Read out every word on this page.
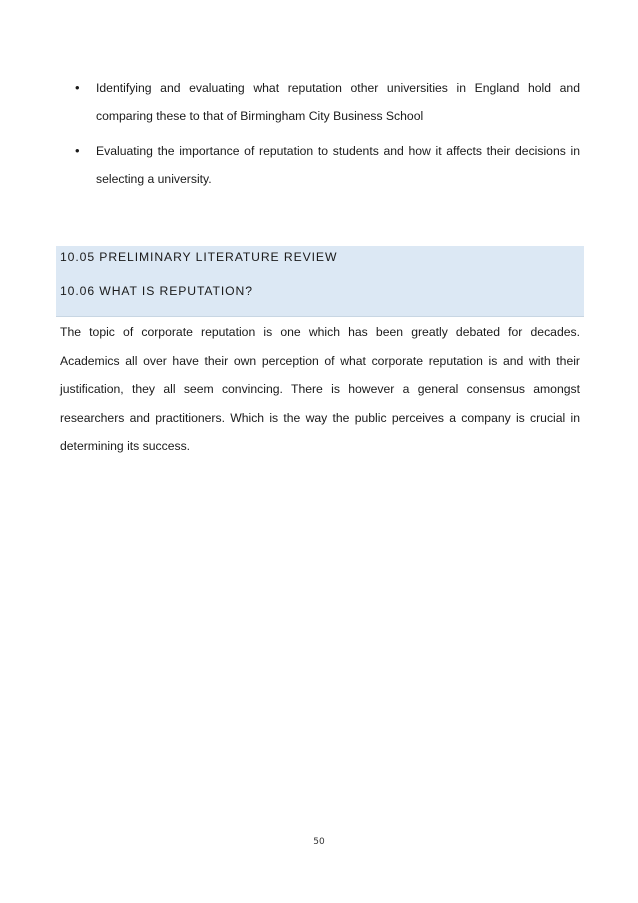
• Identifying and evaluating what reputation other universities in England hold and comparing these to that of Birmingham City Business School
• Evaluating the importance of reputation to students and how it affects their decisions in selecting a university.
10.05 PRELIMINARY LITERATURE REVIEW
10.06 WHAT IS REPUTATION?

The topic of corporate reputation is one which has been greatly debated for decades. Academics all over have their own perception of what corporate reputation is and with their justification, they all seem convincing. There is however a general consensus amongst researchers and practitioners. Which is the way the public perceives a company is crucial in determining its success.

50
